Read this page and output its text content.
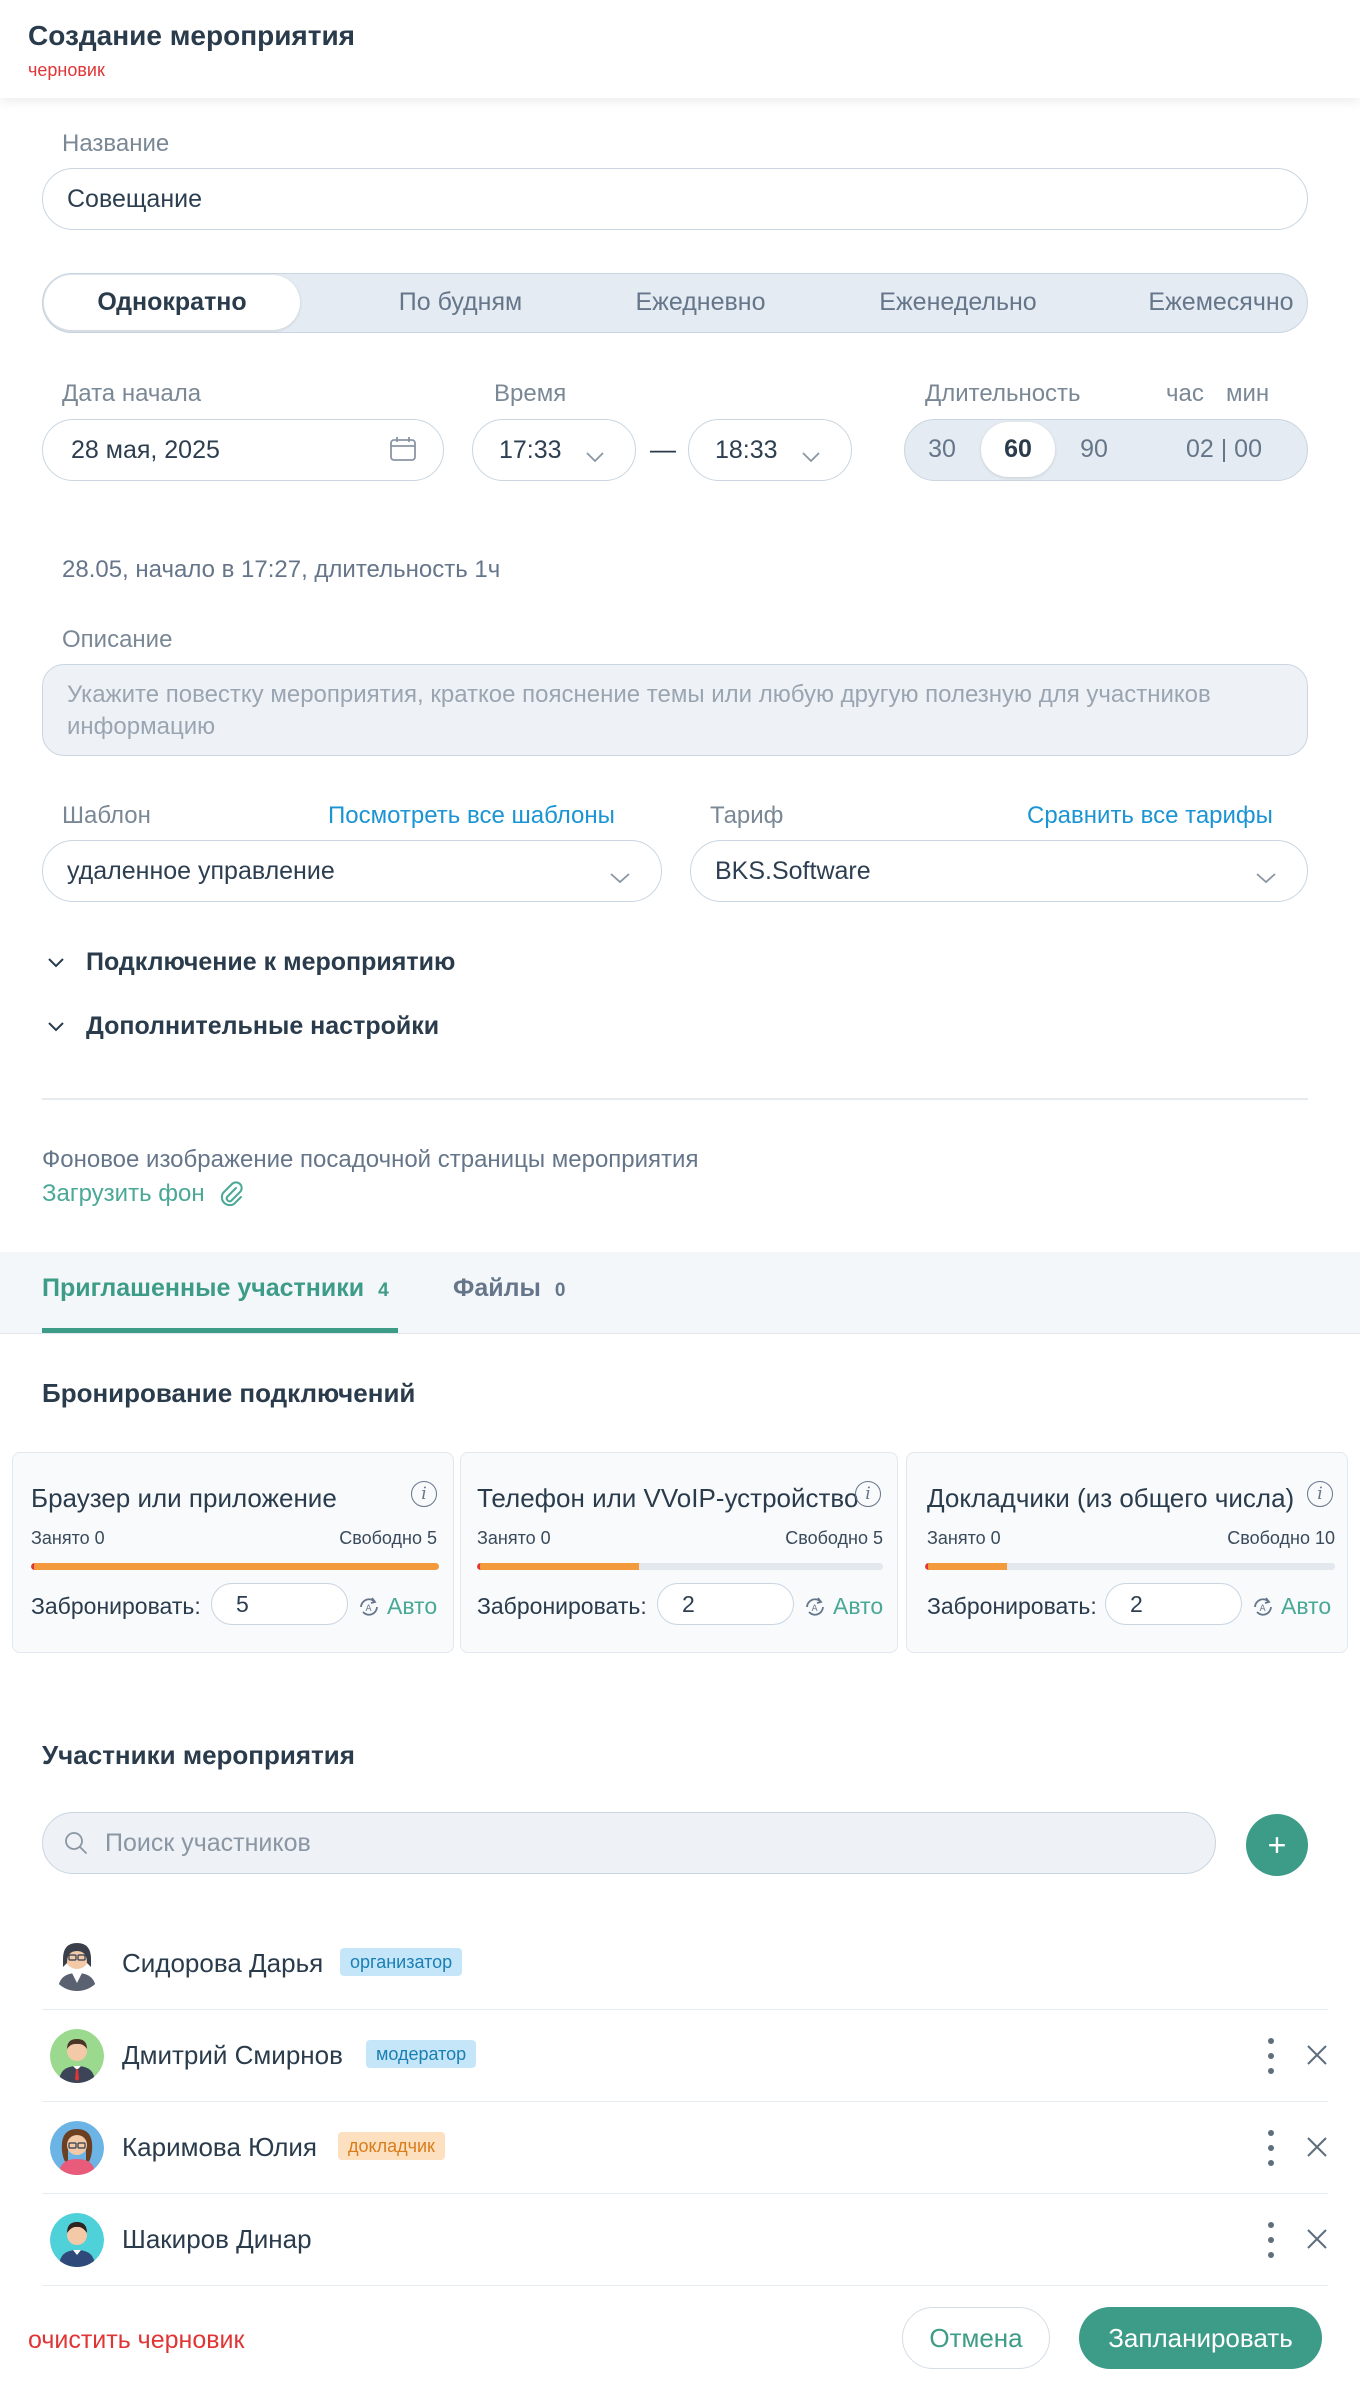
Создание мероприятия
черновик
Название
Совещание
Однократно	По будням	Ежедневно	Еженедельно	Ежемесячно
Дата начала	Время	Длительность	час мин
28 мая, 2025	17:33	— 18:33	30	60	90	02 | 00
28.05, начало в 17:27, длительность 1ч
Описание
Укажите повестку мероприятия, краткое пояснение темы или любую другую полезную для участников информацию
Шаблон	Посмотреть все шаблоны	Тариф	Сравнить все тарифы
удаленное управление	BKS.Software
Подключение к мероприятию
Дополнительные настройки
Фоновое изображение посадочной страницы мероприятия
Загрузить фон
Приглашенные участники 4	Файлы 0
Бронирование подключений
Браузер или приложение	i
Занято 0	Свободно 5
Забронировать:	5	A Авто
Телефон или VVoIP-устройство i
Занято 0	Свободно 5
Забронировать:	2	A Авто
Докладчики (из общего числа)	i
Занято 0	Свободно 10
Забронировать:	2	A Авто
Участники мероприятия
Поиск участников	+
Сидорова Дарья	организатор
Дмитрий Смирнов	модератор
Каримова Юлия	докладчик
Шакиров Динар
очистить черновик	Отмена	Запланировать
